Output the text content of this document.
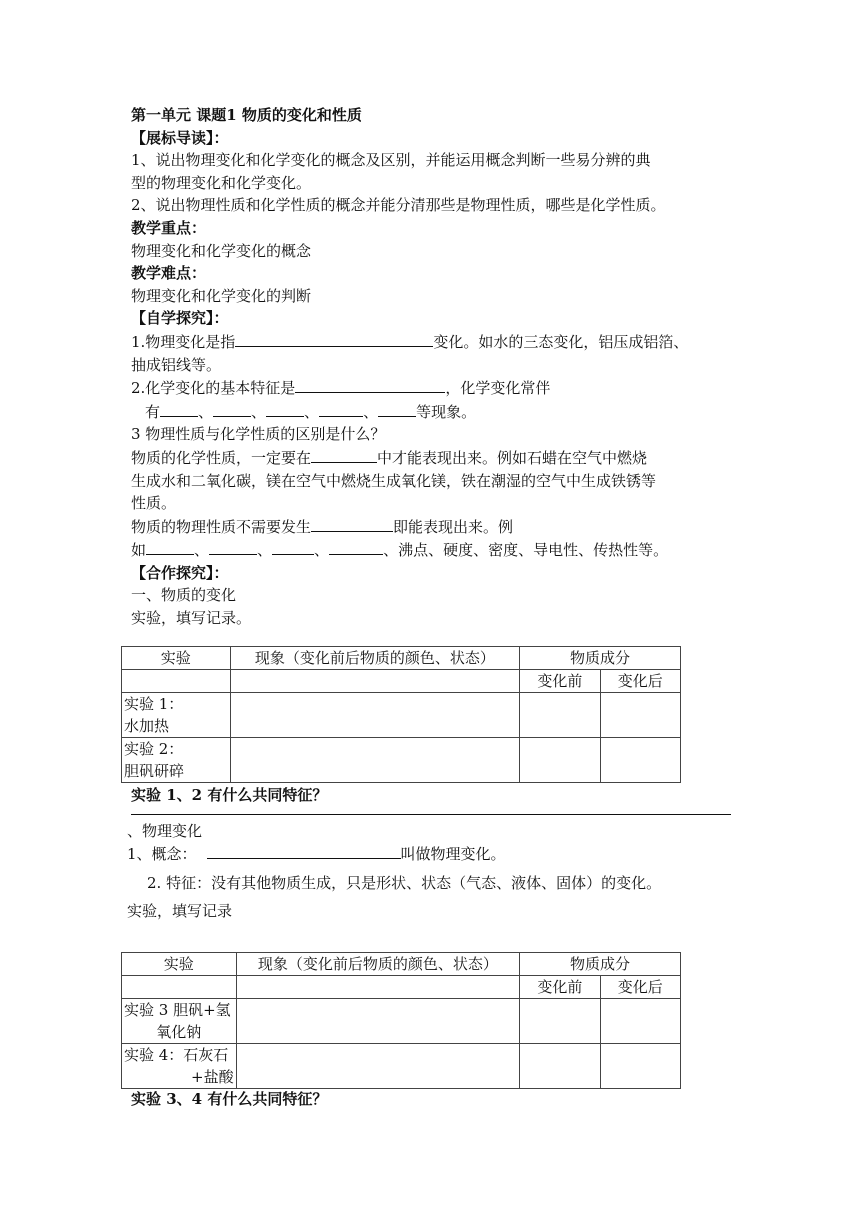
第一单元 课题1 物质的变化和性质
【展标导读】：
1、说出物理变化和化学变化的概念及区别，并能运用概念判断一些易分辨的典
型的物理变化和化学变化。
2、说出物理性质和化学性质的概念并能分清那些是物理性质，哪些是化学性质。
教学重点：
物理变化和化学变化的概念
教学难点：
物理变化和化学变化的判断
【自学探究】：
1.物理变化是指	变化。如水的三态变化，铝压成铝箔、
抽成铝线等。
2.化学变化的基本特征是	，化学变化常伴
有	、	、	、	、	等现象。
3 物理性质与化学性质的区别是什么？
物质的化学性质，一定要在	中才能表现出来。例如石蜡在空气中燃烧
生成水和二氧化碳，镁在空气中燃烧生成氧化镁，铁在潮湿的空气中生成铁锈等
性质。
物质的物理性质不需要发生	即能表现出来。例
如	、	、	、	、沸点、硬度、密度、导电性、传热性等。
【合作探究】：
一、物质的变化
实验，填写记录。
实验	现象（变化前后物质的颜色、状态）	物质成分	
		变化前	变化后

实验 1：
水加热			

实验 2：
胆矾研碎			

实验 1、2 有什么共同特征？
、物理变化
1、概念：	叫做物理变化。
2. 特征：没有其他物质生成，只是形状、状态（气态、液体、固体）的变化。
实验，填写记录
实验	现象（变化前后物质的颜色、状态）	物质成分	
		变化前	变化后

实验 3 胆矾+氢
氧化钠			

实验 4：石灰石
+盐酸			

实验 3、4 有什么共同特征？
